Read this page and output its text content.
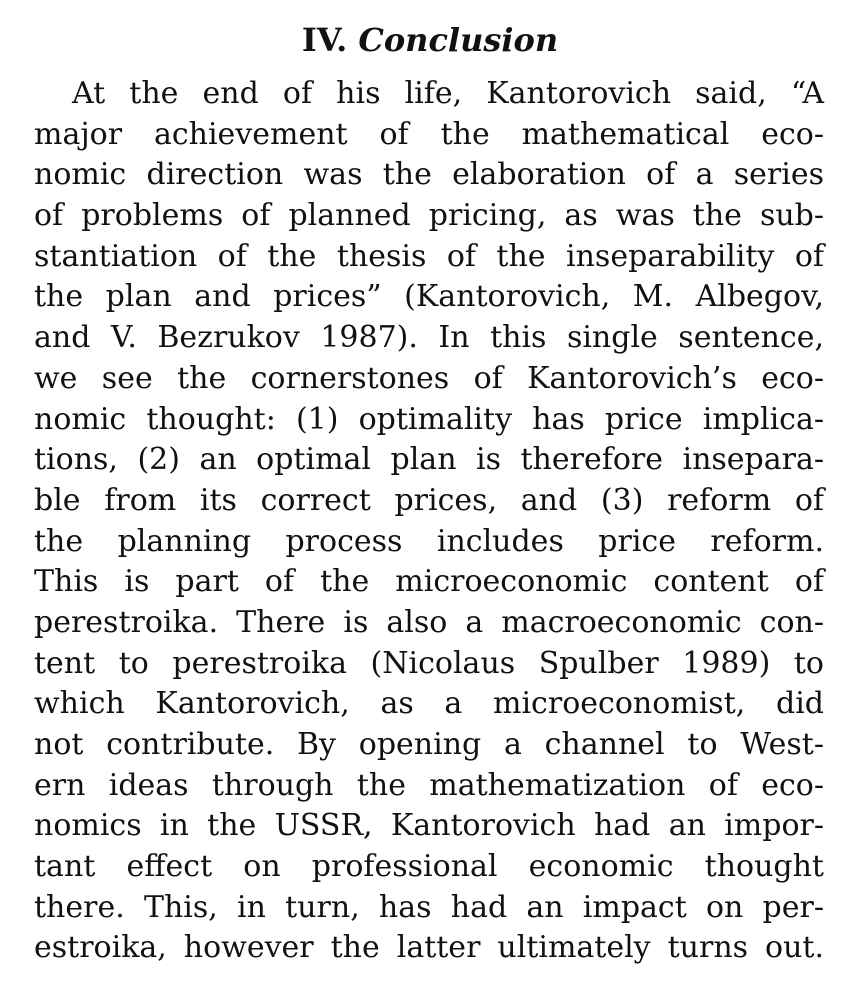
IV. Conclusion
At the end of his life, Kantorovich said, “A
major achievement of the mathematical eco-
nomic direction was the elaboration of a series
of problems of planned pricing, as was the sub-
stantiation of the thesis of the inseparability of
the plan and prices” (Kantorovich, M. Albegov,
and V. Bezrukov 1987). In this single sentence,
we see the cornerstones of Kantorovich’s eco-
nomic thought: (1) optimality has price implica-
tions, (2) an optimal plan is therefore insepara-
ble from its correct prices, and (3) reform of
the planning process includes price reform.
This is part of the microeconomic content of
perestroika. There is also a macroeconomic con-
tent to perestroika (Nicolaus Spulber 1989) to
which Kantorovich, as a microeconomist, did
not contribute. By opening a channel to West-
ern ideas through the mathematization of eco-
nomics in the USSR, Kantorovich had an impor-
tant effect on professional economic thought
there. This, in turn, has had an impact on per-
estroika, however the latter ultimately turns out.
